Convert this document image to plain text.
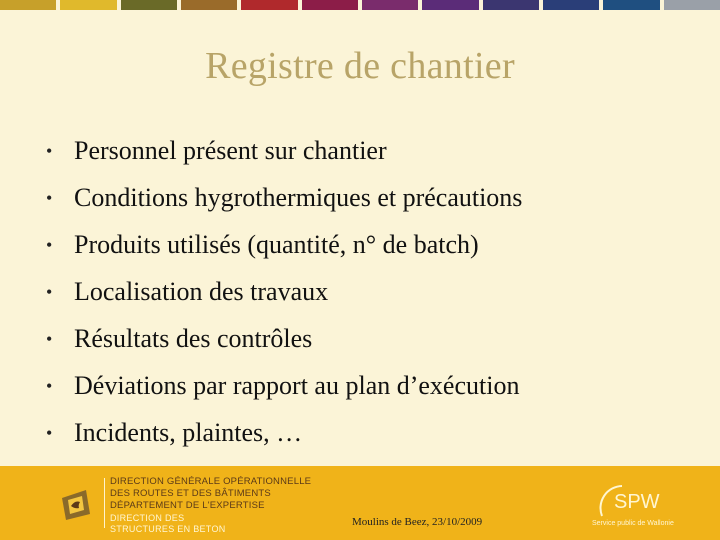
Registre de chantier
• Personnel présent sur chantier
• Conditions hygrothermiques et précautions
• Produits utilisés (quantité, n° de batch)
• Localisation des travaux
• Résultats des contrôles
• Déviations par rapport au plan d’exécution
• Incidents, plaintes, …
DIRECTION GÉNÉRALE OPÉRATIONNELLE
DES ROUTES ET DES BÂTIMENTS
DÉPARTEMENT DE L'EXPERTISE
DIRECTION DES
STRUCTURES EN BETON
Moulins de Beez, 23/10/2009
SPW
Service public de Wallonie
